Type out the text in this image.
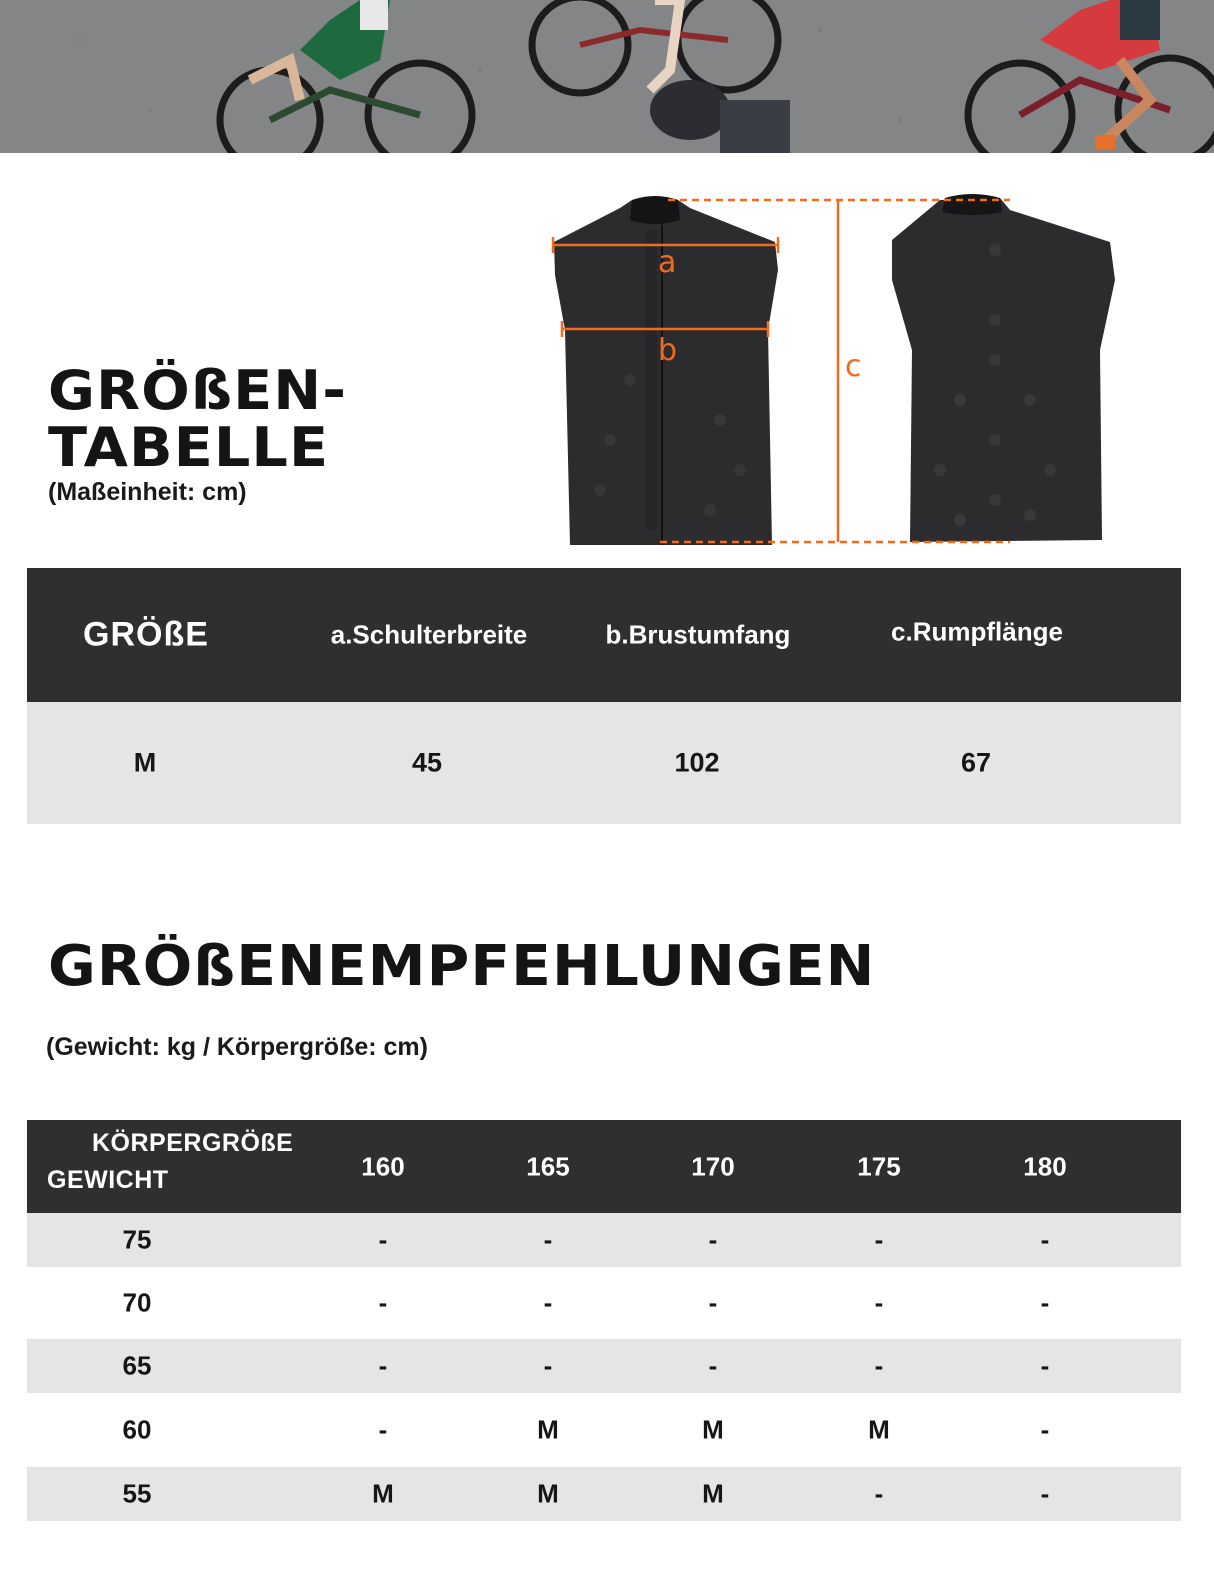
GRÖßEN-
TABELLE
(Maßeinheit: cm)
a
b	c
GRÖßE	a.Schulterbreite	b.Brustumfang	c.Rumpflänge
M	45	102	67
GRÖßENEMPFEHLUNGEN
(Gewicht: kg / Körpergröße: cm)
KÖRPERGRÖßE
GEWICHT	160	165	170	175	180
75	-	-	-	-	-
70	-	-	-	-	-
65	-	-	-	-	-
60	-	M	M	M	-
55	M	M	M	-	-
